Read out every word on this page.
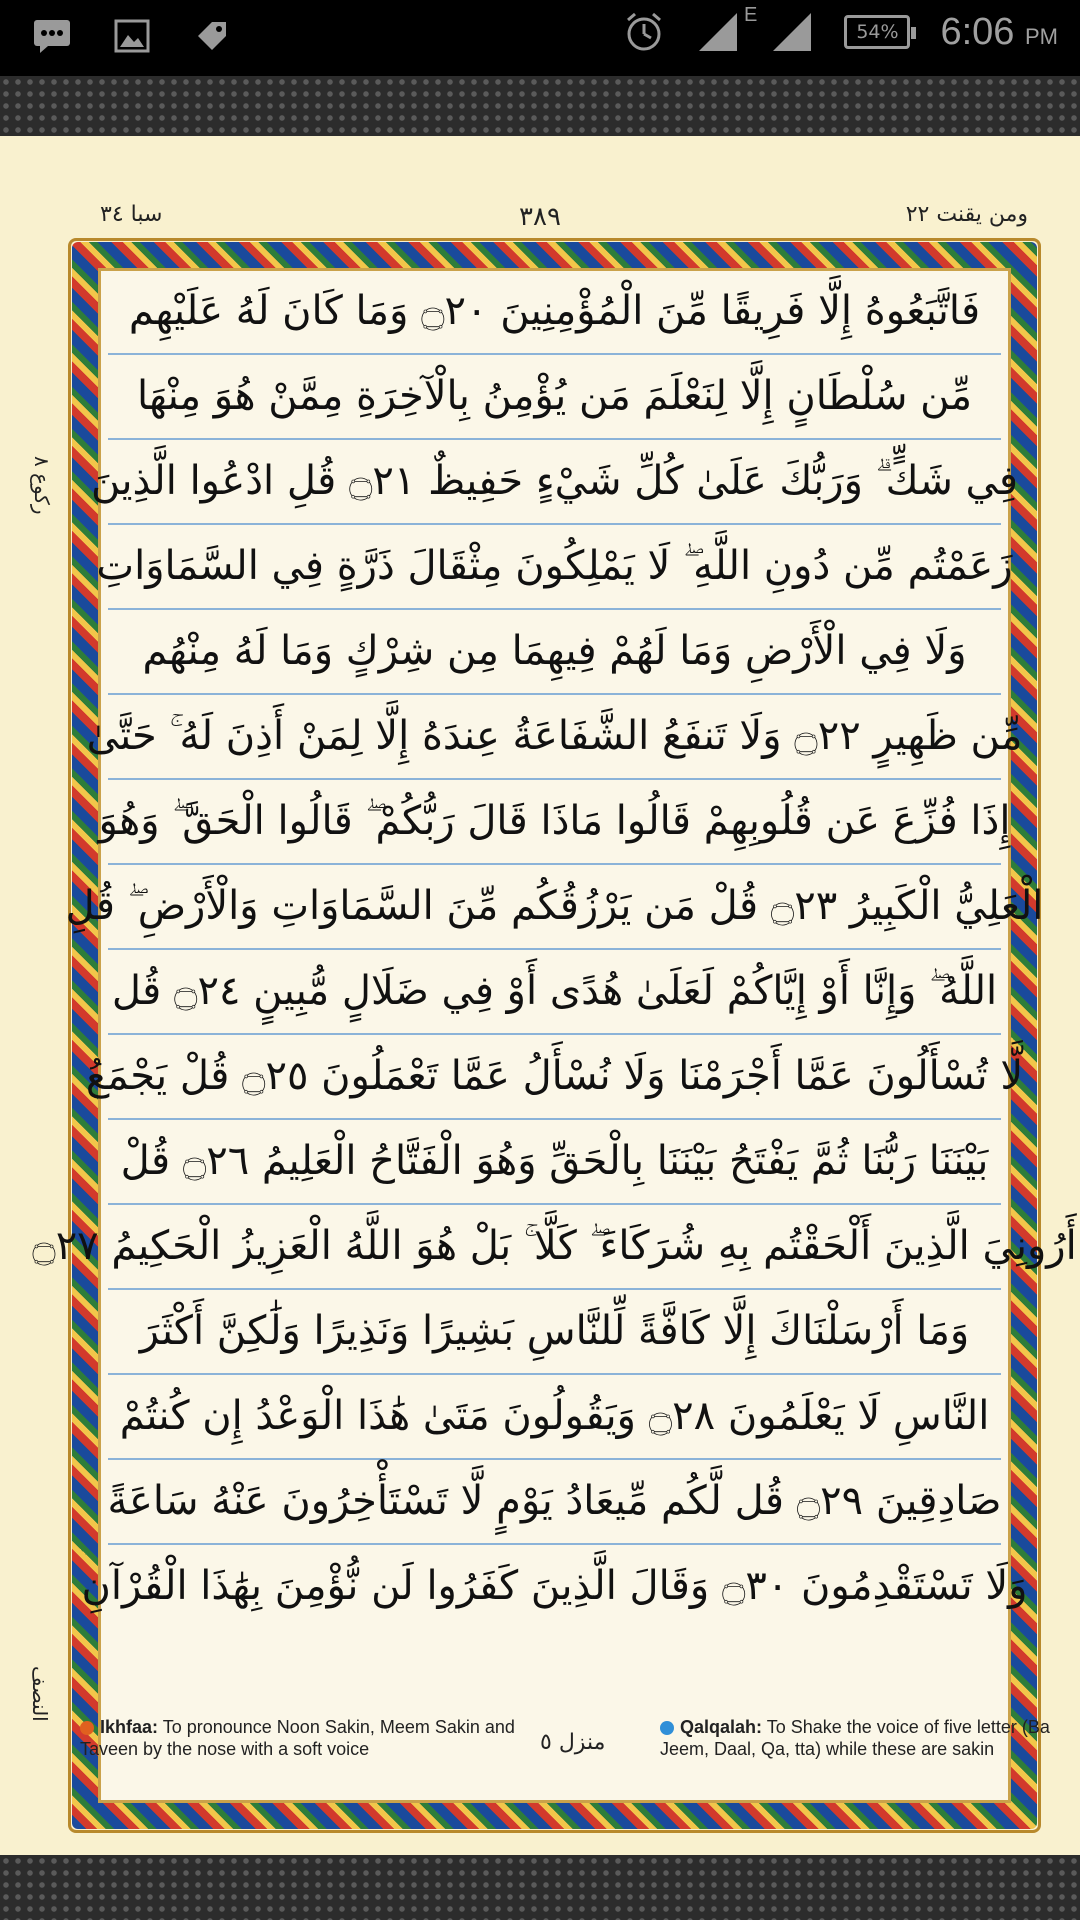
E
54%	6:06 PM
ومن يقنت ٢٢
٣٨٩
سبا ٣٤
ركوع ٨
النصف
فَاتَّبَعُوهُ إِلَّا فَرِيقًا مِّنَ الْمُؤْمِنِينَ ۝٢٠ وَمَا كَانَ لَهُ عَلَيْهِم
مِّن سُلْطَانٍ إِلَّا لِنَعْلَمَ مَن يُؤْمِنُ بِالْآخِرَةِ مِمَّنْ هُوَ مِنْهَا
فِي شَكٍّ ۗ وَرَبُّكَ عَلَىٰ كُلِّ شَيْءٍ حَفِيظٌ ۝٢١ قُلِ ادْعُوا الَّذِينَ
زَعَمْتُم مِّن دُونِ اللَّهِ ۖ لَا يَمْلِكُونَ مِثْقَالَ ذَرَّةٍ فِي السَّمَاوَاتِ
وَلَا فِي الْأَرْضِ وَمَا لَهُمْ فِيهِمَا مِن شِرْكٍ وَمَا لَهُ مِنْهُم
مِّن ظَهِيرٍ ۝٢٢ وَلَا تَنفَعُ الشَّفَاعَةُ عِندَهُ إِلَّا لِمَنْ أَذِنَ لَهُ ۚ حَتَّىٰ
إِذَا فُزِّعَ عَن قُلُوبِهِمْ قَالُوا مَاذَا قَالَ رَبُّكُمْ ۖ قَالُوا الْحَقَّ ۖ وَهُوَ
الْعَلِيُّ الْكَبِيرُ ۝٢٣ قُلْ مَن يَرْزُقُكُم مِّنَ السَّمَاوَاتِ وَالْأَرْضِ ۖ قُلِ
اللَّهُ ۖ وَإِنَّا أَوْ إِيَّاكُمْ لَعَلَىٰ هُدًى أَوْ فِي ضَلَالٍ مُّبِينٍ ۝٢٤ قُل
لَّا تُسْأَلُونَ عَمَّا أَجْرَمْنَا وَلَا نُسْأَلُ عَمَّا تَعْمَلُونَ ۝٢٥ قُلْ يَجْمَعُ
بَيْنَنَا رَبُّنَا ثُمَّ يَفْتَحُ بَيْنَنَا بِالْحَقِّ وَهُوَ الْفَتَّاحُ الْعَلِيمُ ۝٢٦ قُلْ
أَرُونِيَ الَّذِينَ أَلْحَقْتُم بِهِ شُرَكَاءَ ۖ كَلَّا ۚ بَلْ هُوَ اللَّهُ الْعَزِيزُ الْحَكِيمُ ۝٢٧
وَمَا أَرْسَلْنَاكَ إِلَّا كَافَّةً لِّلنَّاسِ بَشِيرًا وَنَذِيرًا وَلَٰكِنَّ أَكْثَرَ
النَّاسِ لَا يَعْلَمُونَ ۝٢٨ وَيَقُولُونَ مَتَىٰ هَٰذَا الْوَعْدُ إِن كُنتُمْ
صَادِقِينَ ۝٢٩ قُل لَّكُم مِّيعَادُ يَوْمٍ لَّا تَسْتَأْخِرُونَ عَنْهُ سَاعَةً
وَلَا تَسْتَقْدِمُونَ ۝٣٠ وَقَالَ الَّذِينَ كَفَرُوا لَن نُّؤْمِنَ بِهَٰذَا الْقُرْآنِ
Ikhfaa: To pronounce Noon Sakin, Meem Sakin and Taveen by the nose with a soft voice	منزل ٥
Qalqalah: To Shake the voice of five letter (Ba Jeem, Daal, Qa, tta) while these are sakin
